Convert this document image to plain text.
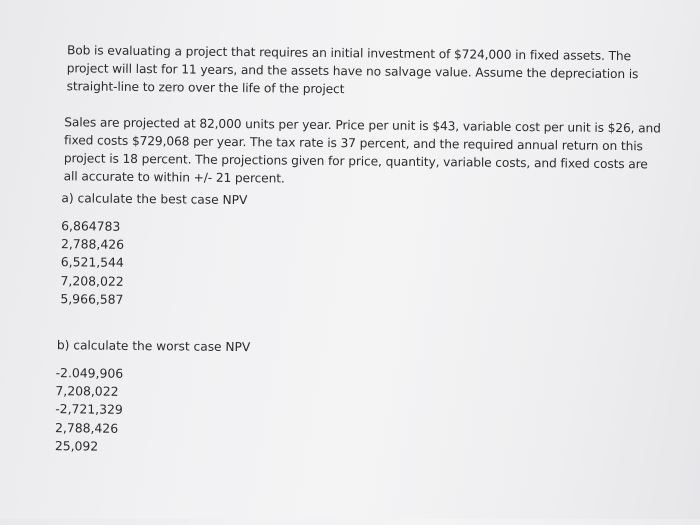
Bob is evaluating a project that requires an initial investment of $724,000 in fixed assets. The project will last for 11 years, and the assets have no salvage value. Assume the depreciation is straight-line to zero over the life of the project

Sales are projected at 82,000 units per year. Price per unit is $43, variable cost per unit is $26, and fixed costs $729,068 per year. The tax rate is 37 percent, and the required annual return on this project is 18 percent. The projections given for price, quantity, variable costs, and fixed costs are all accurate to within +/- 21 percent.

a) calculate the best case NPV

6,864783
2,788,426
6,521,544
7,208,022
5,966,587

b) calculate the worst case NPV

-2.049,906
7,208,022
-2,721,329
2,788,426
25,092
